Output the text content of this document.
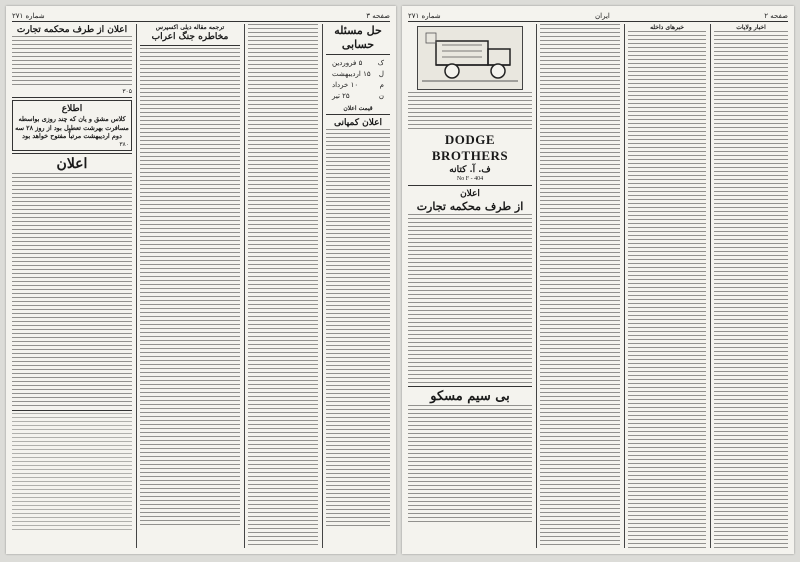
صفحه ۳
شماره ۲۷۱
اعلان از طرف محکمه تجارت
۳۰۵
اطلاع
کلاس مشق و یان که چند روزی بواسطه مسافرت بهرشت تعطیل بود از روز ۲۸ سه دوم اردیبهشت مرتباً مفتوح خواهد بود
۳۸۰
اعلان
ترجمه مقاله دیلی اکسپرس
مخاطره جنگ اعراب	حل مسئله حسابی
ک
۵ فروردین
ل
۱۵ اردیبهشت
م
۱۰ خرداد
ن
۲۵ تیر
قیمت اعلان
اعلان کمپانی
صفحه ۲
ایران
شماره ۲۷۱
DODGE BROTHERS
ف. آ. کتانه
No F - 404
اعلان
از طرف محکمه تجارت
بی سیم مسکو
خبرهای داخله	اخبار ولایات
